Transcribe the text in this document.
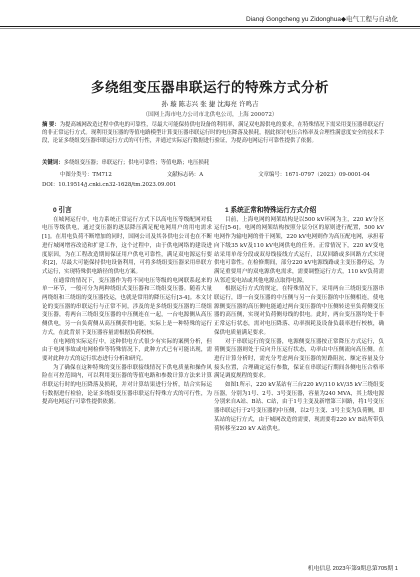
Dianqi Gongcheng yu Zidonghua◆电气工程与自动化
多绕组变压器串联运行的特殊方式分析
孙 璇 陈志兴 张 捷 沈海亮 许鸣吉
（国网上海市电力公司市北供电公司，上海 200072）
摘 要：为提高城网改造过程中供电的可靠性，尽最大可能保持供电设备的利用率，满足双电源供电的要求，在特殊情况下需采用变压器串联运行的非正常运行方式。现利用变压器的等值电路模型计算变压器串联运行时的电压降落及损耗，据此探讨电压合格率及合理性满意度安全的技术手段，论证多绕组变压器串联运行方式的可行性，并通过实际运行数据进行验证，为提高电网运行可靠性提供了依据。
关键词：多绕组变压器；串联运行；供电可靠性；等值电路；电压损耗
中图分类号：TM712	文献标志码：A	文章编号：1671-0797（2023）09-0001-04
DOI：10.19514/j.cnki.cn32-1628/tm.2023.09.001

0 引言

在城网运行中，电力系统正常运行方式下以高电压等级配网对低电压等级供电，通过变压器的逐层降压满足配电网用户的用电需求[1]。在用电负荷不断增加的同时，国网公司及其各供电公司也在不断进行城网增容改造和扩建工作，这个过程中，由于供电网络的建设进度原因，为在工程改造期间保证用户供电可靠性，满足双电源运行要求[2]，尽最大可能保持供电设备利用，可将多绕组变压器采用串联方式运行，实现特殊供电路径的供电方案。

在通常的情况下，变压器作为将不同电压等级的电网联系起来的单一环节，一般可分为两种绕组式变压器和三绕组变压器。随着大量两绕组和三绕组的变压器投运，也就是常用的降压运行[3-4]。本文讨论的变压器的串联运行与正常不同，涉及的是多绕组变压器的三绕组变压器，将两台三绕组变压器的中压侧连在一起，一台电源侧从高压侧供电，另一台负荷侧从高压侧获得电能，实际上是一种特殊的运行方式，在此背景下变压器容量需根据负荷校核。

在电网的实际运行中，这种供电方式很少有实际的案例分析，但由于电网事故或电网检修等特殊情况下，此种方式已有可能出现，需要对此种方式的运行状态进行分析和研究。

为了确保在这种特殊的变压器串联接线情况下供电质量和操作风险在可控范围内，可以利用变压器的等值电路和参数计算方法来计算串联运行时的电压降落及损耗，并对计算结果进行分析，结合实际运行数据进行检验，论证多绕组变压器串联运行特殊方式的可行性，为提高电网运行可靠性提供依据。

1 系统正常和特殊运行方式介绍

目前，上海电网的网架结构是以500 kV环网为主，220 kV分区运行[5-6]。电网的网架结构按照分层分区的原则进行配置，500 kV电网作为输电网的骨干网架，220 kV电网则作为高压配电网，承担着向下级35 kV及110 kV电网供电的任务。正常情况下，220 kV变电站采用单母分段或双母线接线方式运行，以双回路或多回路方式实现供电可靠性。在检修期间，部分220 kV电源线路或主变压器停运，为满足重要用户的双电源供电需求，需要调整运行方式，110 kV负荷需从邻近变电站或其他电源点取得电源。

根据运行方式的规定，在特殊情况下，采用两台三绕组变压器串联运行，即一台变压器的中压侧与另一台变压器的中压侧相连，使电源侧变压器的高压侧电能通过两台变压器的中压侧转送至负荷侧变压器的高压侧，实现对负荷侧母线的供电。此时，两台变压器均处于非正常运行状态，需对电压降落、功率损耗及设备负载率进行校核，确保供电质量满足要求。

对于串联运行的变压器，电源侧变压器按正常降压方式运行，负荷侧变压器则处于反向升压运行状态，功率由中压侧流向高压侧。在进行计算分析时，需充分考虑两台变压器的短路阻抗、额定容量及分接头位置，合理确定运行参数，保证在串联运行期间各侧电压合格率满足调度规程的要求。

如图1所示，220 kV某站有三台220 kV/110 kV/35 kV三绕组变压器，分别为1号、2号、3号变压器，容量为240 MVA，其上级电源分别来自A站、B站、C站，由于1号主变及新增第三回路，将1号变压器串联运行于2号变压器的中压侧，以2号主变、3号主变为负荷侧，即某站的运行方式，由于城网改造的需要，现需要将220 kV B站所带负荷转移至220 kV A站供电。

机电信息 2023年第9期总第705期 1
